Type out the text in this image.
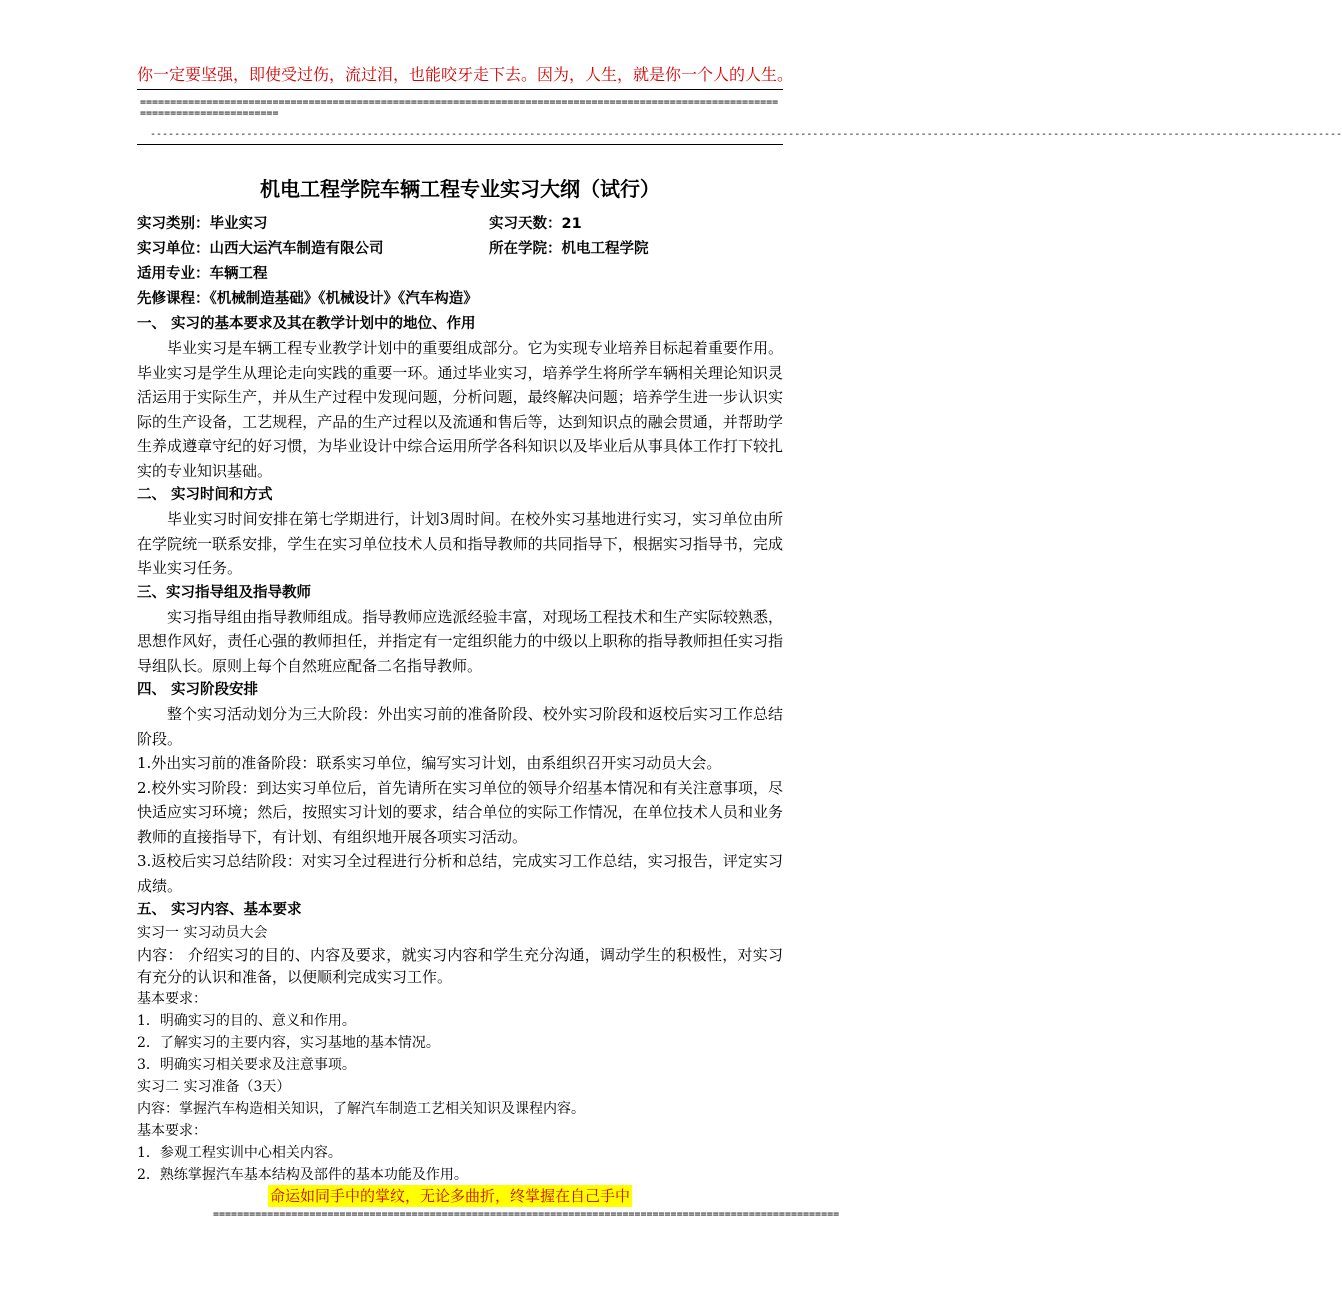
你一定要坚强，即使受过伤，流过泪，也能咬牙走下去。因为，人生，就是你一个人的人生。
=================================================================================================================================
------------------------------------------------------------------------------------------------------------------------------------------------------------------------------------------------------
机电工程学院车辆工程专业实习大纲（试行）
实习类别：毕业实习	实习天数：21
实习单位：山西大运汽车制造有限公司	所在学院：机电工程学院
适用专业：车辆工程
先修课程：《机械制造基础》《机械设计》《汽车构造》
一、 实习的基本要求及其在教学计划中的地位、作用
毕业实习是车辆工程专业教学计划中的重要组成部分。它为实现专业培养目标起着重要作用。毕业实习是学生从理论走向实践的重要一环。通过毕业实习，培养学生将所学车辆相关理论知识灵活运用于实际生产，并从生产过程中发现问题，分析问题，最终解决问题；培养学生进一步认识实际的生产设备，工艺规程，产品的生产过程以及流通和售后等，达到知识点的融会贯通，并帮助学生养成遵章守纪的好习惯，为毕业设计中综合运用所学各科知识以及毕业后从事具体工作打下较扎实的专业知识基础。
二、 实习时间和方式
毕业实习时间安排在第七学期进行，计划3周时间。在校外实习基地进行实习，实习单位由所在学院统一联系安排，学生在实习单位技术人员和指导教师的共同指导下，根据实习指导书，完成毕业实习任务。
三、实习指导组及指导教师
实习指导组由指导教师组成。指导教师应选派经验丰富，对现场工程技术和生产实际较熟悉，思想作风好，责任心强的教师担任，并指定有一定组织能力的中级以上职称的指导教师担任实习指导组队长。原则上每个自然班应配备二名指导教师。
四、 实习阶段安排
整个实习活动划分为三大阶段：外出实习前的准备阶段、校外实习阶段和返校后实习工作总结阶段。
1.外出实习前的准备阶段：联系实习单位，编写实习计划，由系组织召开实习动员大会。
2.校外实习阶段：到达实习单位后，首先请所在实习单位的领导介绍基本情况和有关注意事项，尽快适应实习环境；然后，按照实习计划的要求，结合单位的实际工作情况，在单位技术人员和业务教师的直接指导下，有计划、有组织地开展各项实习活动。
3.返校后实习总结阶段：对实习全过程进行分析和总结，完成实习工作总结，实习报告，评定实习成绩。
五、 实习内容、基本要求
实习一 实习动员大会
内容： 介绍实习的目的、内容及要求，就实习内容和学生充分沟通，调动学生的积极性，对实习有充分的认识和准备，以便顺利完成实习工作。
基本要求：
1．明确实习的目的、意义和作用。
2．了解实习的主要内容，实习基地的基本情况。
3．明确实习相关要求及注意事项。
实习二 实习准备（3天）
内容：掌握汽车构造相关知识，了解汽车制造工艺相关知识及课程内容。
基本要求：
1．参观工程实训中心相关内容。
2．熟练掌握汽车基本结构及部件的基本功能及作用。
命运如同手中的掌纹，无论多曲折，终掌握在自己手中
========================================================================================================
